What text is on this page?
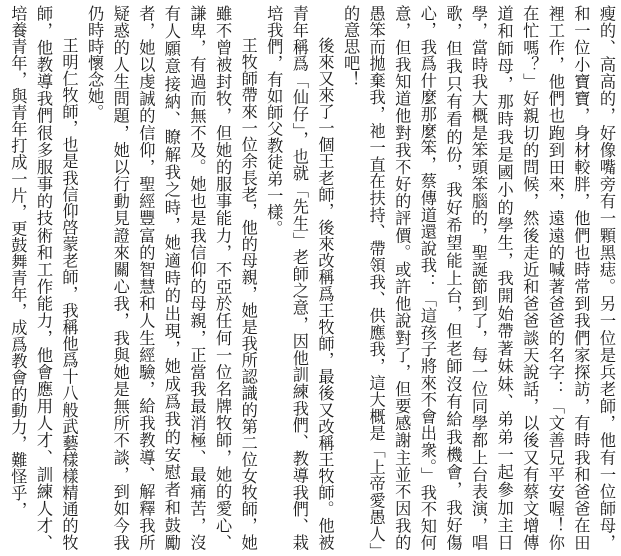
瘦的、高高的，好像嘴旁有一顆黑痣。另一位是兵老師，他有一位師母，和一位小寶寶，身材較胖，他們也時常到我們家探訪，有時我和爸爸在田裡工作，他們也跑到田來，遠遠的喊著爸爸的名字：「文善兄平安喔！你在忙嗎？」好親切的問候，然後走近和爸爸談天說話，以後又有蔡文增傳道和師母，那時我是國小的學生，我開始帶著妹妹、弟弟一起參加主日學，當時我大概是笨頭笨腦的，聖誕節到了，每一位同學都上台表演，唱歌，但我只有看的份，我好希望能上台，但老師沒有給我機會，我好傷心，我爲什麼那麼笨，蔡傳道還說我：「這孩子將來不會出衆。」我不知何意，但我知道他對我不好的評價。或許他說對了，但要感謝主並不因我的愚笨而拋棄我，祂一直在扶持、帶領我、供應我，這大概是「上帝愛愚人」的意思吧！

後來又來了一個王老師，後來改稱爲王牧師，最後又改稱王牧師。他被青年稱爲「仙仔」，也就「先生」老師之意，因他訓練我們、教導我們、栽培我們，有如師父教徒弟一樣。

王牧師帶來一位余長老，他的母親，她是我所認識的第二位女牧師，她雖不曾被封牧，但她的服事能力，不亞於任何一位名牌牧師，她的愛心、謙卑，有過而無不及。她也是我信仰的母親，正當我最消極、最痛苦，沒有人願意接納、瞭解我之時，她適時的出現，她成爲我的安慰者和鼓勵者，她以虔誠的信仰，聖經豐富的智慧和人生經驗，給我教導、解釋我所疑惑的人生問題，她以行動見證來關心我，我與她是無所不談，到如今我仍時時懷念她。

王明仁牧師，也是我信仰啓蒙老師，我稱他爲十八般武藝樣樣精通的牧師，他教導我們很多服事的技術和工作能力，他會應用人才、訓練人才、培養青年，與青年打成一片，更鼓舞青年，成爲教會的動力，難怪乎，
